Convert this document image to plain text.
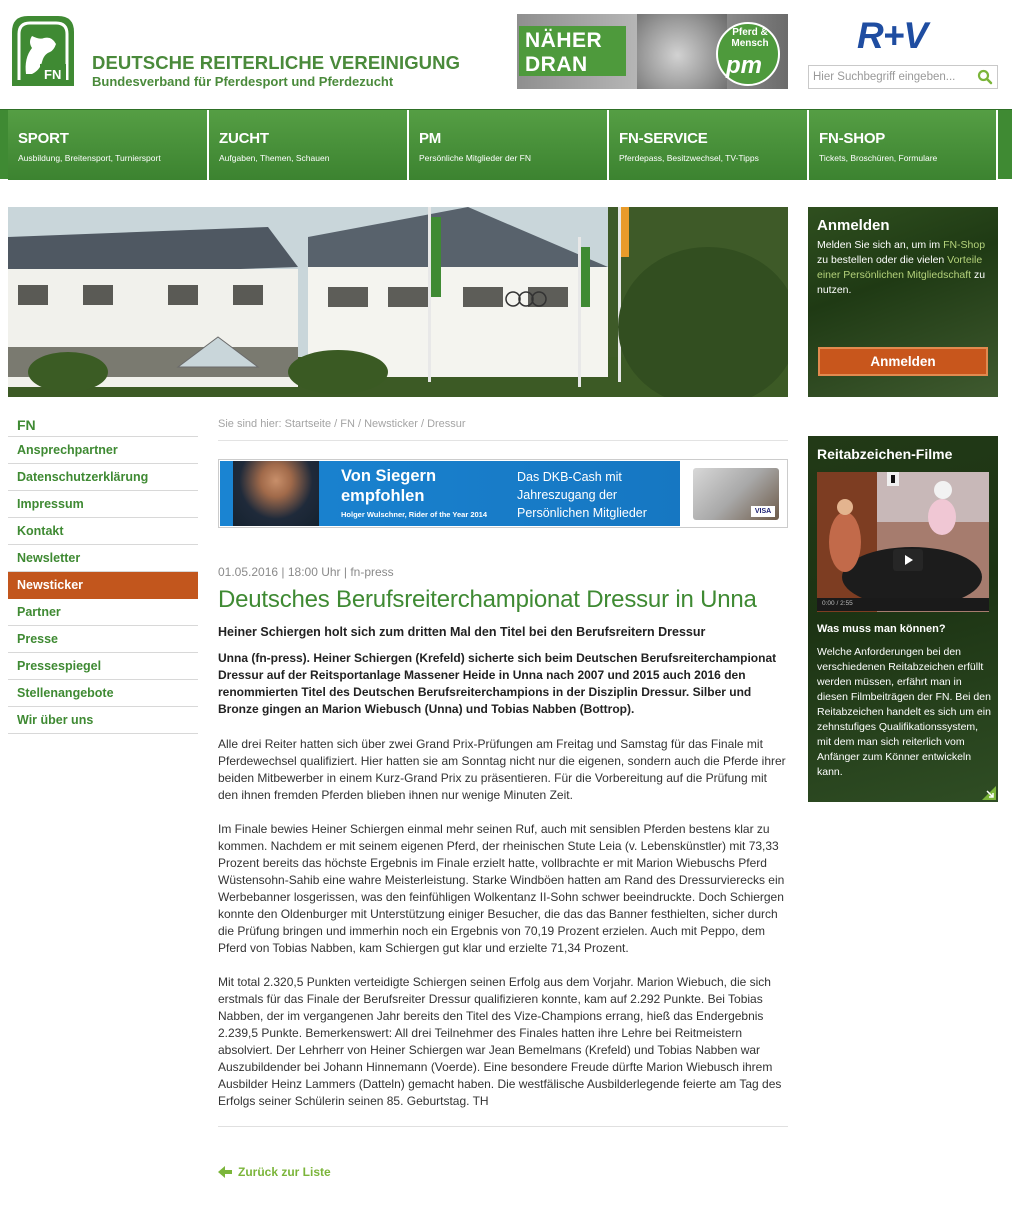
FN
DEUTSCHE REITERLICHE VEREINIGUNG
Bundesverband für Pferdesport und Pferdezucht
NÄHER
DRAN
Pferd & Mensch
pm
R+V
Hier Suchbegriff eingeben...
SPORT
Ausbildung, Breitensport, Turniersport
ZUCHT
Aufgaben, Themen, Schauen
PM
Persönliche Mitglieder der FN
FN-SERVICE
Pferdepass, Besitzwechsel, TV-Tipps
FN-SHOP
Tickets, Broschüren, Formulare
Anmelden
Melden Sie sich an, um im FN-Shop zu bestellen oder die vielen Vorteile einer Persönlichen Mitgliedschaft zu nutzen.
Anmelden
FN
Ansprechpartner
Datenschutzerklärung
Impressum
Kontakt
Newsletter
Newsticker
Partner
Presse
Pressespiegel
Stellenangebote
Wir über uns
Sie sind hier: Startseite / FN / Newsticker / Dressur
Von Siegern empfohlen
Holger Wulschner, Rider of the Year 2014
Das DKB-Cash mit Jahreszugang der Persönlichen Mitglieder	VISA
01.05.2016 | 18:00 Uhr | fn-press
Deutsches Berufsreiterchampionat Dressur in Unna
Heiner Schiergen holt sich zum dritten Mal den Titel bei den Berufsreitern Dressur
Unna (fn-press). Heiner Schiergen (Krefeld) sicherte sich beim Deutschen Berufsreiterchampionat Dressur auf der Reitsportanlage Massener Heide in Unna nach 2007 und 2015 auch 2016 den renommierten Titel des Deutschen Berufsreiterchampions in der Disziplin Dressur. Silber und Bronze gingen an Marion Wiebusch (Unna) und Tobias Nabben (Bottrop).
Alle drei Reiter hatten sich über zwei Grand Prix-Prüfungen am Freitag und Samstag für das Finale mit Pferdewechsel qualifiziert. Hier hatten sie am Sonntag nicht nur die eigenen, sondern auch die Pferde ihrer beiden Mitbewerber in einem Kurz-Grand Prix zu präsentieren. Für die Vorbereitung auf die Prüfung mit den ihnen fremden Pferden blieben ihnen nur wenige Minuten Zeit.
Im Finale bewies Heiner Schiergen einmal mehr seinen Ruf, auch mit sensiblen Pferden bestens klar zu kommen. Nachdem er mit seinem eigenen Pferd, der rheinischen Stute Leia (v. Lebenskünstler) mit 73,33 Prozent bereits das höchste Ergebnis im Finale erzielt hatte, vollbrachte er mit Marion Wiebuschs Pferd Wüstensohn-Sahib eine wahre Meisterleistung. Starke Windböen hatten am Rand des Dressurvierecks ein Werbebanner losgerissen, was den feinfühligen Wolkentanz II-Sohn schwer beeindruckte. Doch Schiergen konnte den Oldenburger mit Unterstützung einiger Besucher, die das das Banner festhielten, sicher durch die Prüfung bringen und immerhin noch ein Ergebnis von 70,19 Prozent erzielen. Auch mit Peppo, dem Pferd von Tobias Nabben, kam Schiergen gut klar und erzielte 71,34 Prozent.
Mit total 2.320,5 Punkten verteidigte Schiergen seinen Erfolg aus dem Vorjahr. Marion Wiebuch, die sich erstmals für das Finale der Berufsreiter Dressur qualifizieren konnte, kam auf 2.292 Punkte. Bei Tobias Nabben, der im vergangenen Jahr bereits den Titel des Vize-Champions errang, hieß das Endergebnis 2.239,5 Punkte. Bemerkenswert: All drei Teilnehmer des Finales hatten ihre Lehre bei Reitmeistern absolviert. Der Lehrherr von Heiner Schiergen war Jean Bemelmans (Krefeld) und Tobias Nabben war Auszubildender bei Johann Hinnemann (Voerde). Eine besondere Freude dürfte Marion Wiebusch ihrem Ausbilder Heinz Lammers (Datteln) gemacht haben. Die westfälische Ausbilderlegende feierte am Tag des Erfolgs seiner Schülerin seinen 85. Geburtstag. TH
Zurück zur Liste
Reitabzeichen-Filme
0:00 / 2:55
Was muss man können?
Welche Anforderungen bei den verschiedenen Reitabzeichen erfüllt werden müssen, erfährt man in diesen Filmbeiträgen der FN. Bei den Reitabzeichen handelt es sich um ein zehnstufiges Qualifikationssystem, mit dem man sich reiterlich vom Anfänger zum Könner entwickeln kann.
